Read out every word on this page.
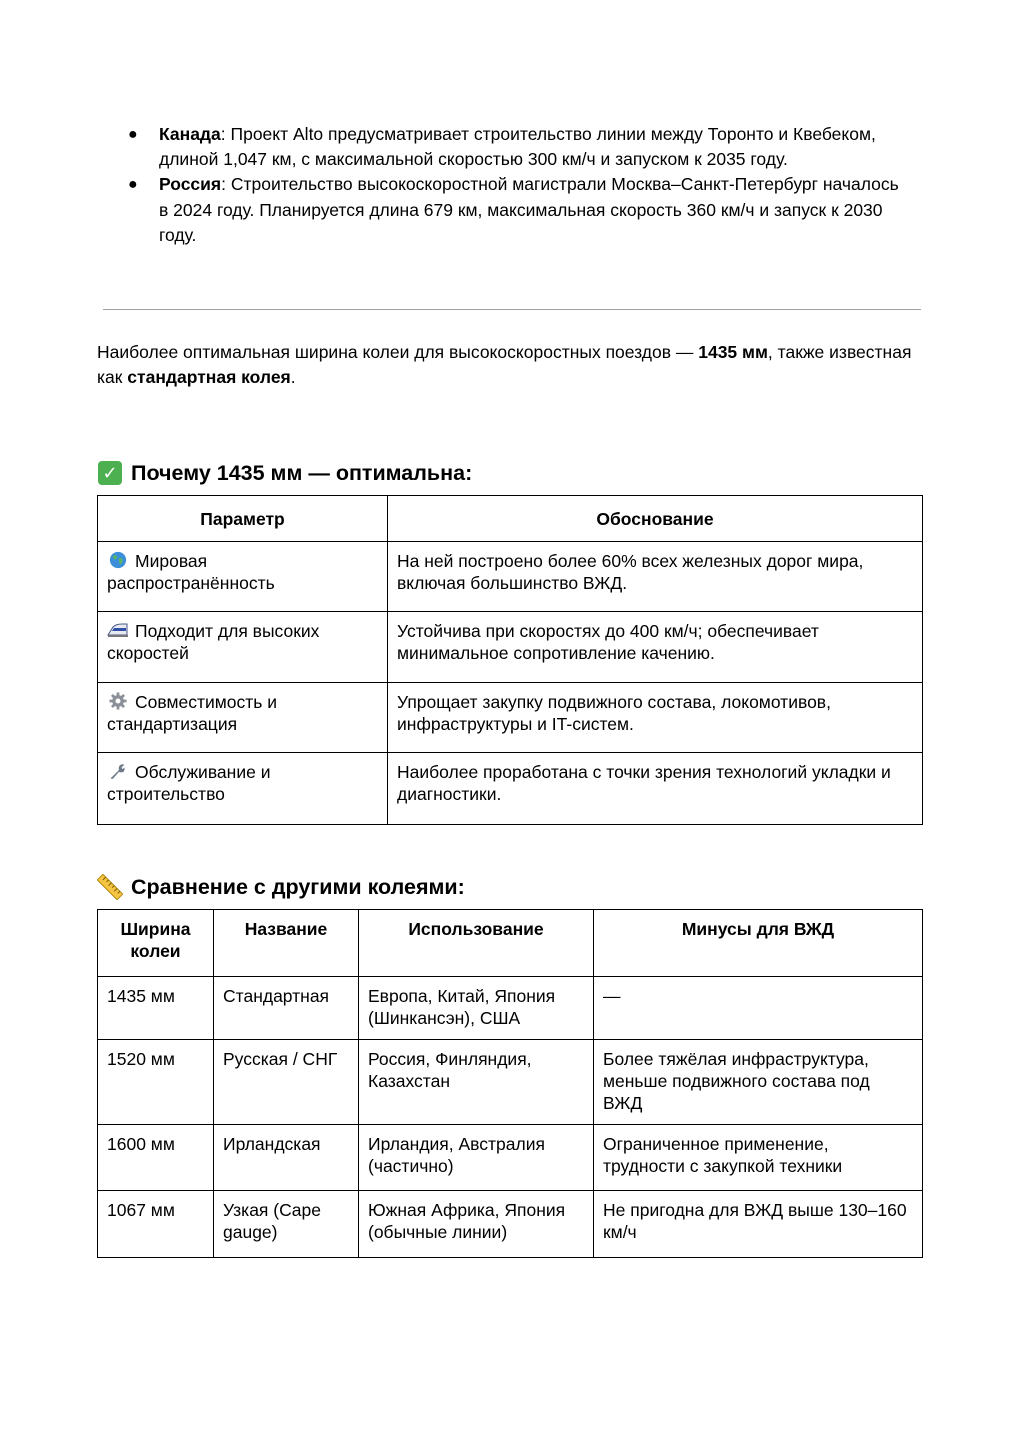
● Канада: Проект Alto предусматривает строительство линии между Торонто и Квебеком, длиной 1,047 км, с максимальной скоростью 300 км/ч и запуском к 2035 году.
● Россия: Строительство высокоскоростной магистрали Москва–Санкт-Петербург началось в 2024 году. Планируется длина 679 км, максимальная скорость 360 км/ч и запуск к 2030 году.

Наиболее оптимальная ширина колеи для высокоскоростных поездов — 1435 мм, также известная как стандартная колея.

✓ Почему 1435 мм — оптимальна:
Параметр	Обоснование
Мировая распространённость	На ней построено более 60% всех железных дорог мира, включая большинство ВЖД.
Подходит для высоких скоростей	Устойчива при скоростях до 400 км/ч; обеспечивает минимальное сопротивление качению.
Совместимость и стандартизация	Упрощает закупку подвижного состава, локомотивов, инфраструктуры и IT-систем.
Обслуживание и строительство	Наиболее проработана с точки зрения технологий укладки и диагностики.
Сравнение с другими колеями:
Ширина колеи	Название	Использование	Минусы для ВЖД
1435 мм	Стандартная	Европа, Китай, Япония (Шинкансэн), США	—
1520 мм	Русская / СНГ	Россия, Финляндия, Казахстан	Более тяжёлая инфраструктура, меньше подвижного состава под ВЖД
1600 мм	Ирландская	Ирландия, Австралия (частично)	Ограниченное применение, трудности с закупкой техники
1067 мм	Узкая (Cape gauge)	Южная Африка, Япония (обычные линии)	Не пригодна для ВЖД выше 130–160 км/ч
